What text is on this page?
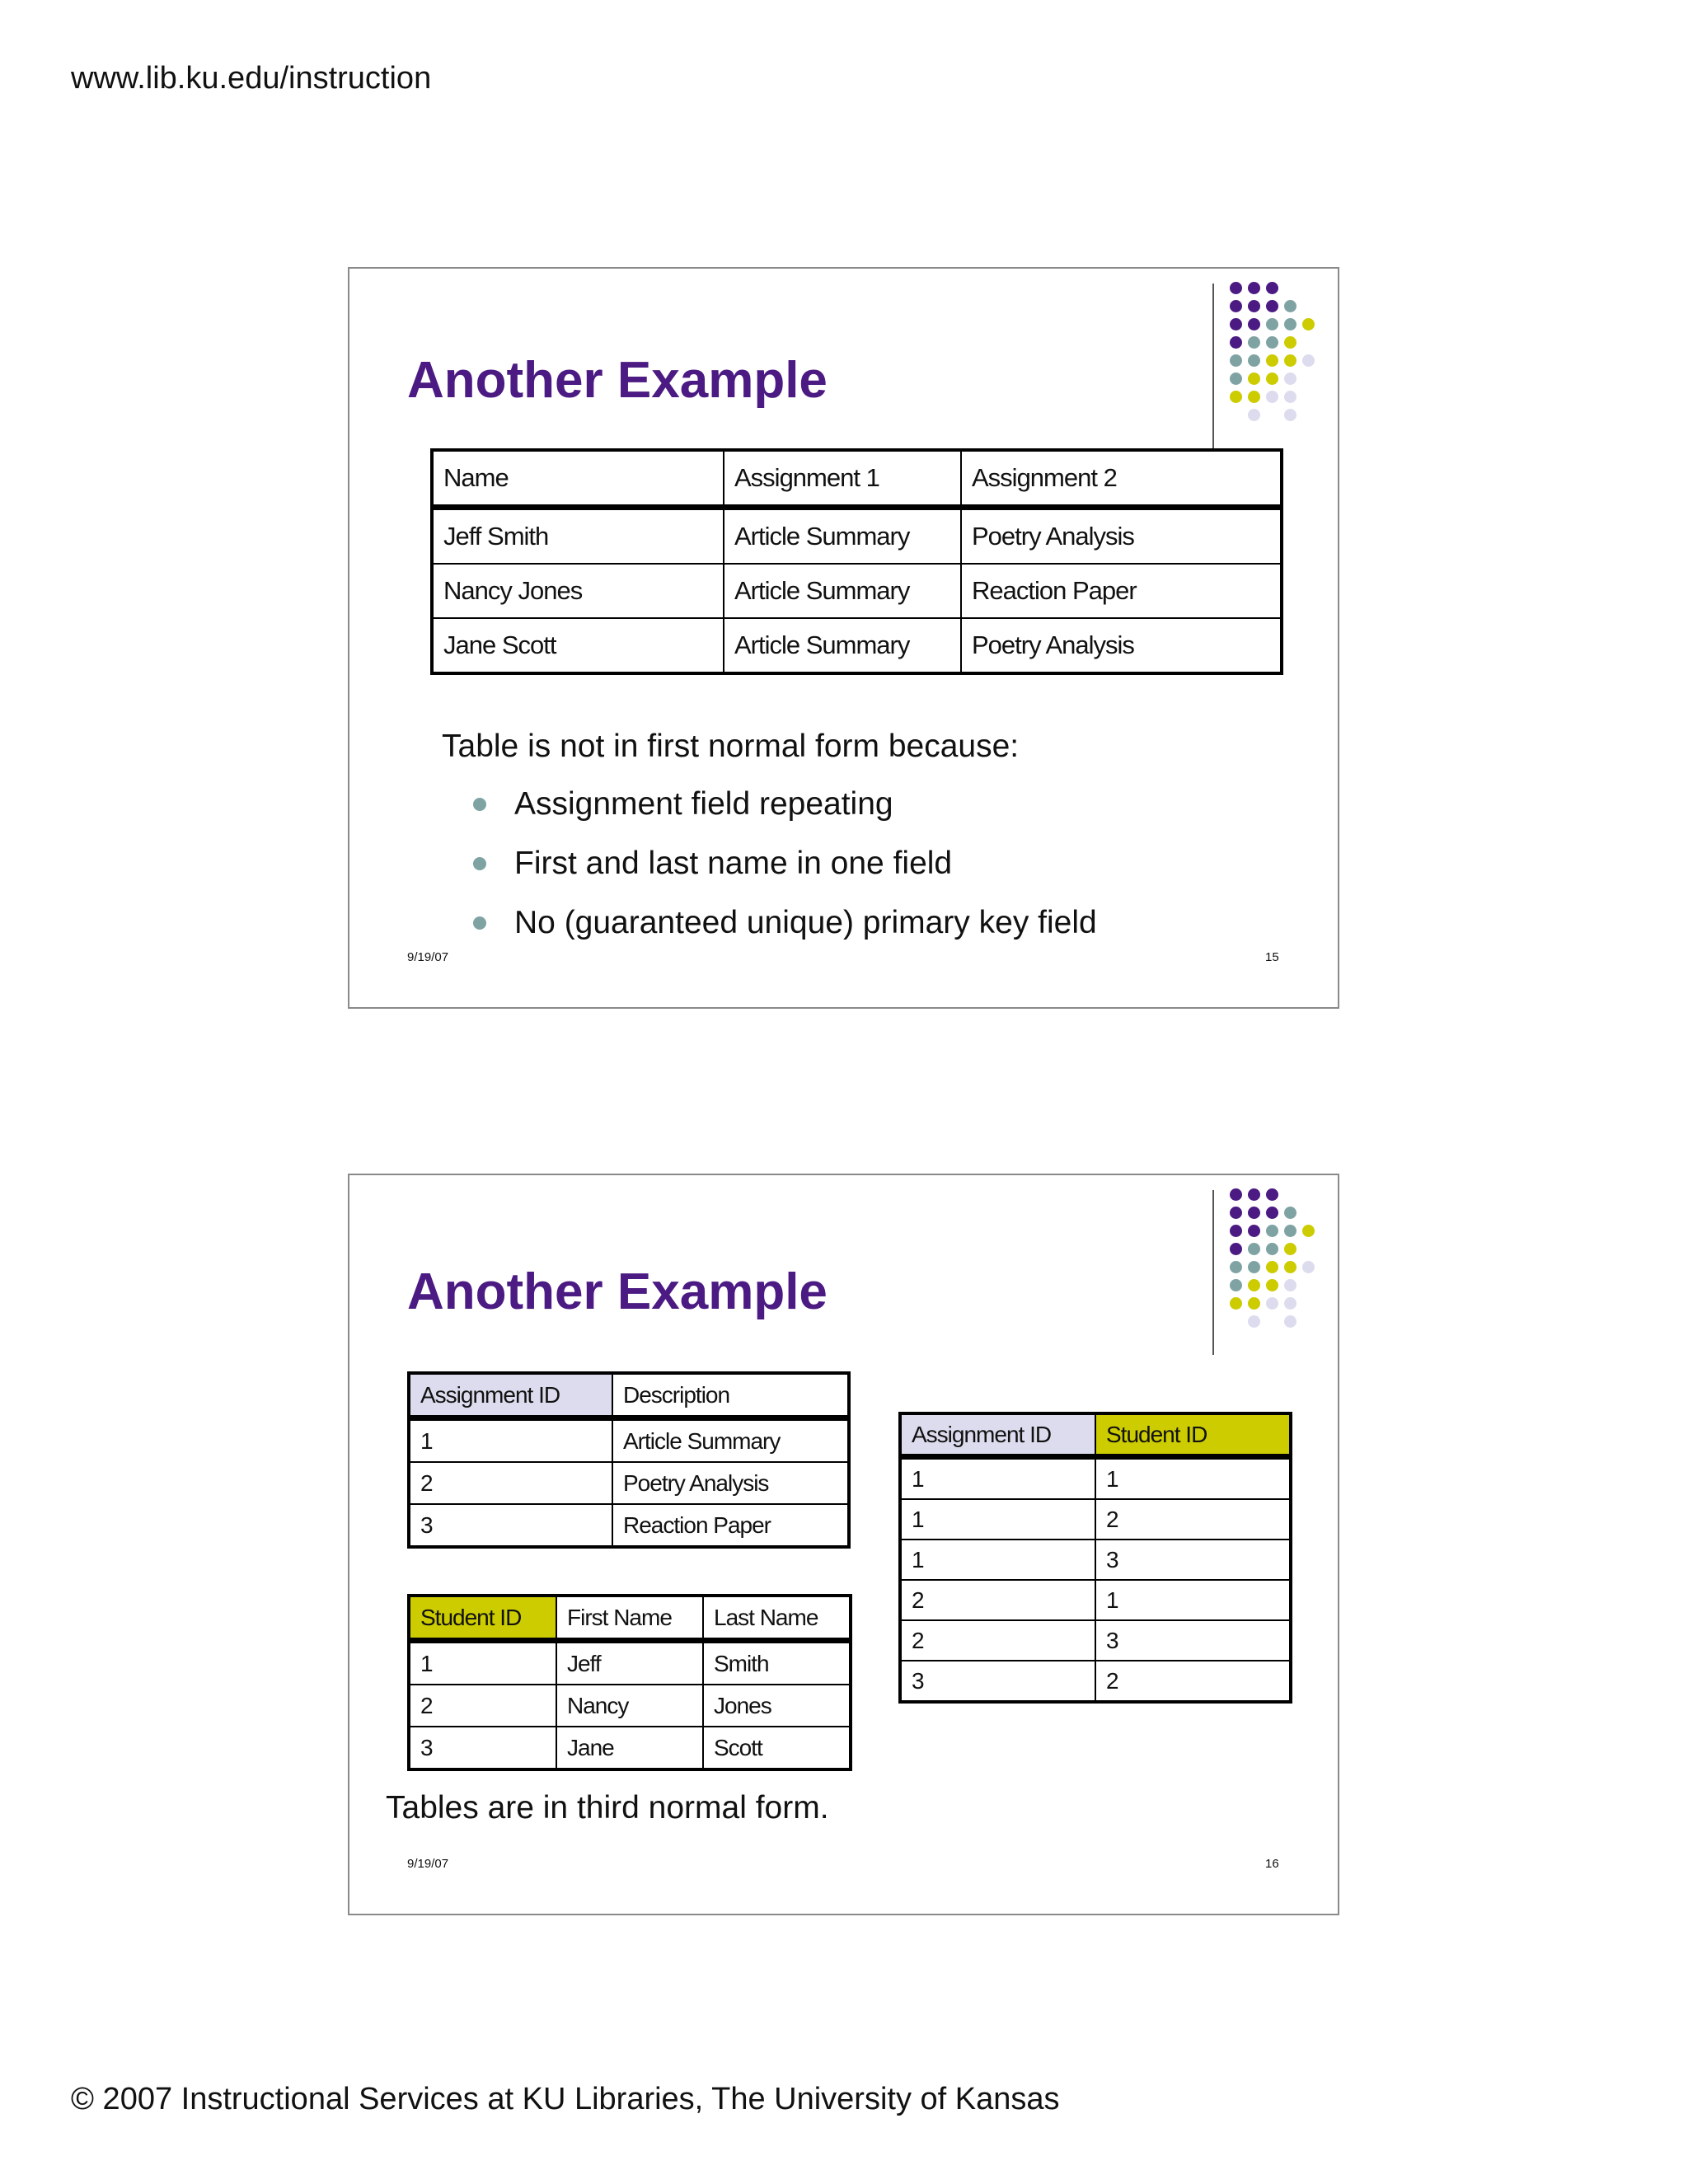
www.lib.ku.edu/instruction
Another Example
Name	Assignment 1	Assignment 2
Jeff Smith	Article Summary	Poetry Analysis
Nancy Jones	Article Summary	Reaction Paper
Jane Scott	Article Summary	Poetry Analysis
Table is not in first normal form because:
Assignment field repeating
First and last name in one field
No (guaranteed unique) primary key field
9/19/07	15
Another Example
Assignment ID	Description
1	Article Summary
2	Poetry Analysis
3	Reaction Paper
Student ID	First Name	Last Name
1	Jeff	Smith
2	Nancy	Jones
3	Jane	Scott
Assignment ID	Student ID
1	1
1	2
1	3
2	1
2	3
3	2
Tables are in third normal form.
9/19/07	16
© 2007 Instructional Services at KU Libraries, The University of Kansas
